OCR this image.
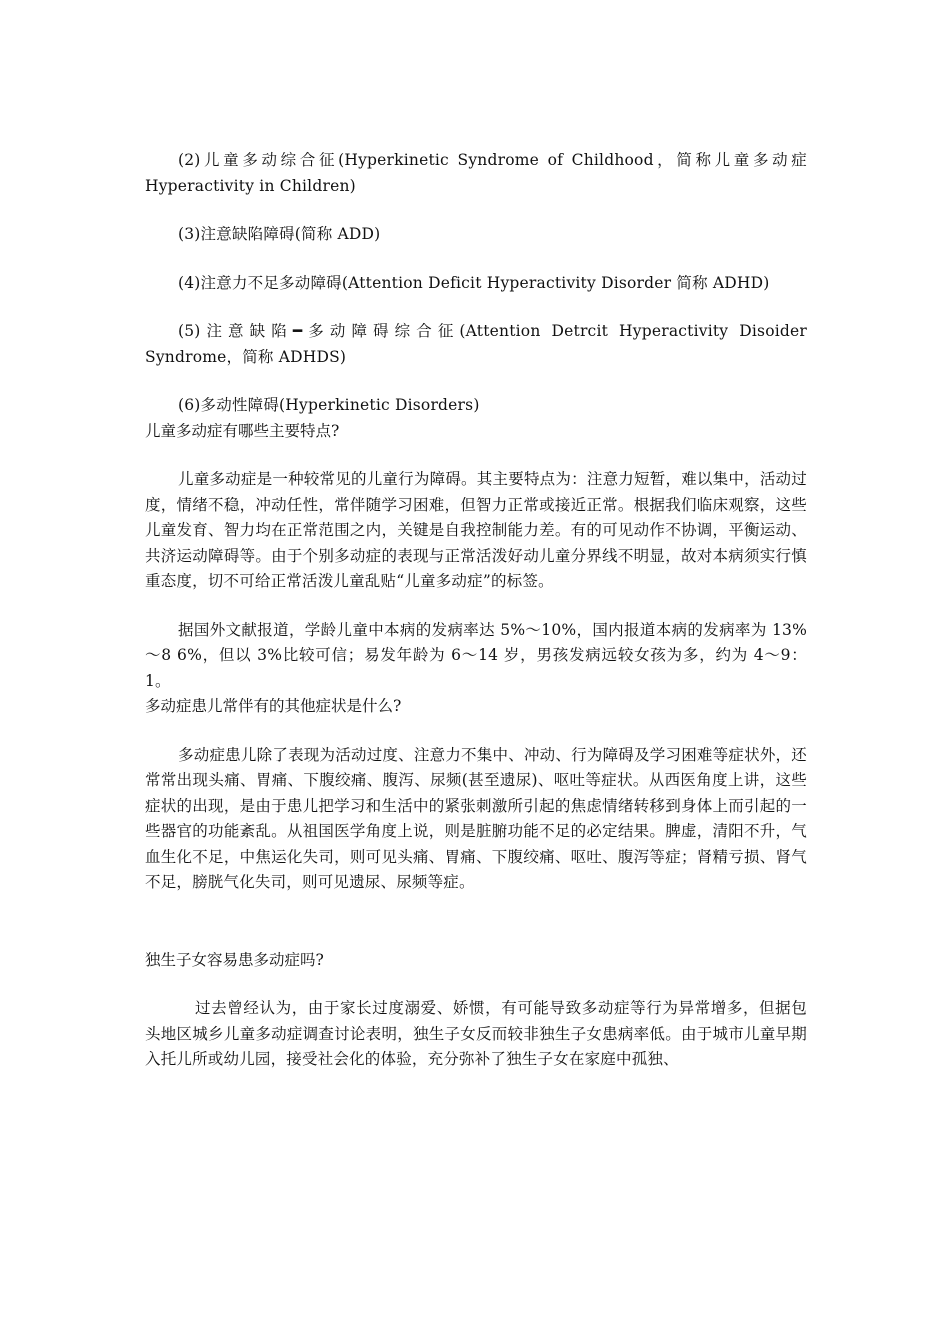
(2)儿童多动综合征(Hyperkinetic Syndrome of Childhood，简称儿童多动症 Hyperactivity in Children)

(3)注意缺陷障碍(简称 ADD)

(4)注意力不足多动障碍(Attention Deficit Hyperactivity Disorder 简称 ADHD)

(5)注意缺陷━多动障碍综合征(Attention Detrcit Hyperactivity Disoider Syndrome，简称 ADHDS)

(6)多动性障碍(Hyperkinetic Disorders)

儿童多动症有哪些主要特点?

儿童多动症是一种较常见的儿童行为障碍。其主要特点为：注意力短暂，难以集中，活动过度，情绪不稳，冲动任性，常伴随学习困难，但智力正常或接近正常。根据我们临床观察，这些儿童发育、智力均在正常范围之内，关键是自我控制能力差。有的可见动作不协调，平衡运动、共济运动障碍等。由于个别多动症的表现与正常活泼好动儿童分界线不明显，故对本病须实行慎重态度，切不可给正常活泼儿童乱贴“儿童多动症”的标签。

据国外文献报道，学龄儿童中本病的发病率达 5%～10%，国内报道本病的发病率为 13%～8 6%，但以 3%比较可信；易发年龄为 6～14 岁，男孩发病远较女孩为多，约为 4～9：1。

多动症患儿常伴有的其他症状是什么?

多动症患儿除了表现为活动过度、注意力不集中、冲动、行为障碍及学习困难等症状外，还常常出现头痛、胃痛、下腹绞痛、腹泻、尿频(甚至遗尿)、呕吐等症状。从西医角度上讲，这些症状的出现，是由于患儿把学习和生活中的紧张刺激所引起的焦虑情绪转移到身体上而引起的一些器官的功能紊乱。从祖国医学角度上说，则是脏腑功能不足的必定结果。脾虚，清阳不升，气血生化不足，中焦运化失司，则可见头痛、胃痛、下腹绞痛、呕吐、腹泻等症；肾精亏损、肾气不足，膀胱气化失司，则可见遗尿、尿频等症。

独生子女容易患多动症吗?

过去曾经认为，由于家长过度溺爱、娇惯，有可能导致多动症等行为异常增多，但据包头地区城乡儿童多动症调查讨论表明，独生子女反而较非独生子女患病率低。由于城市儿童早期入托儿所或幼儿园，接受社会化的体验，充分弥补了独生子女在家庭中孤独、
